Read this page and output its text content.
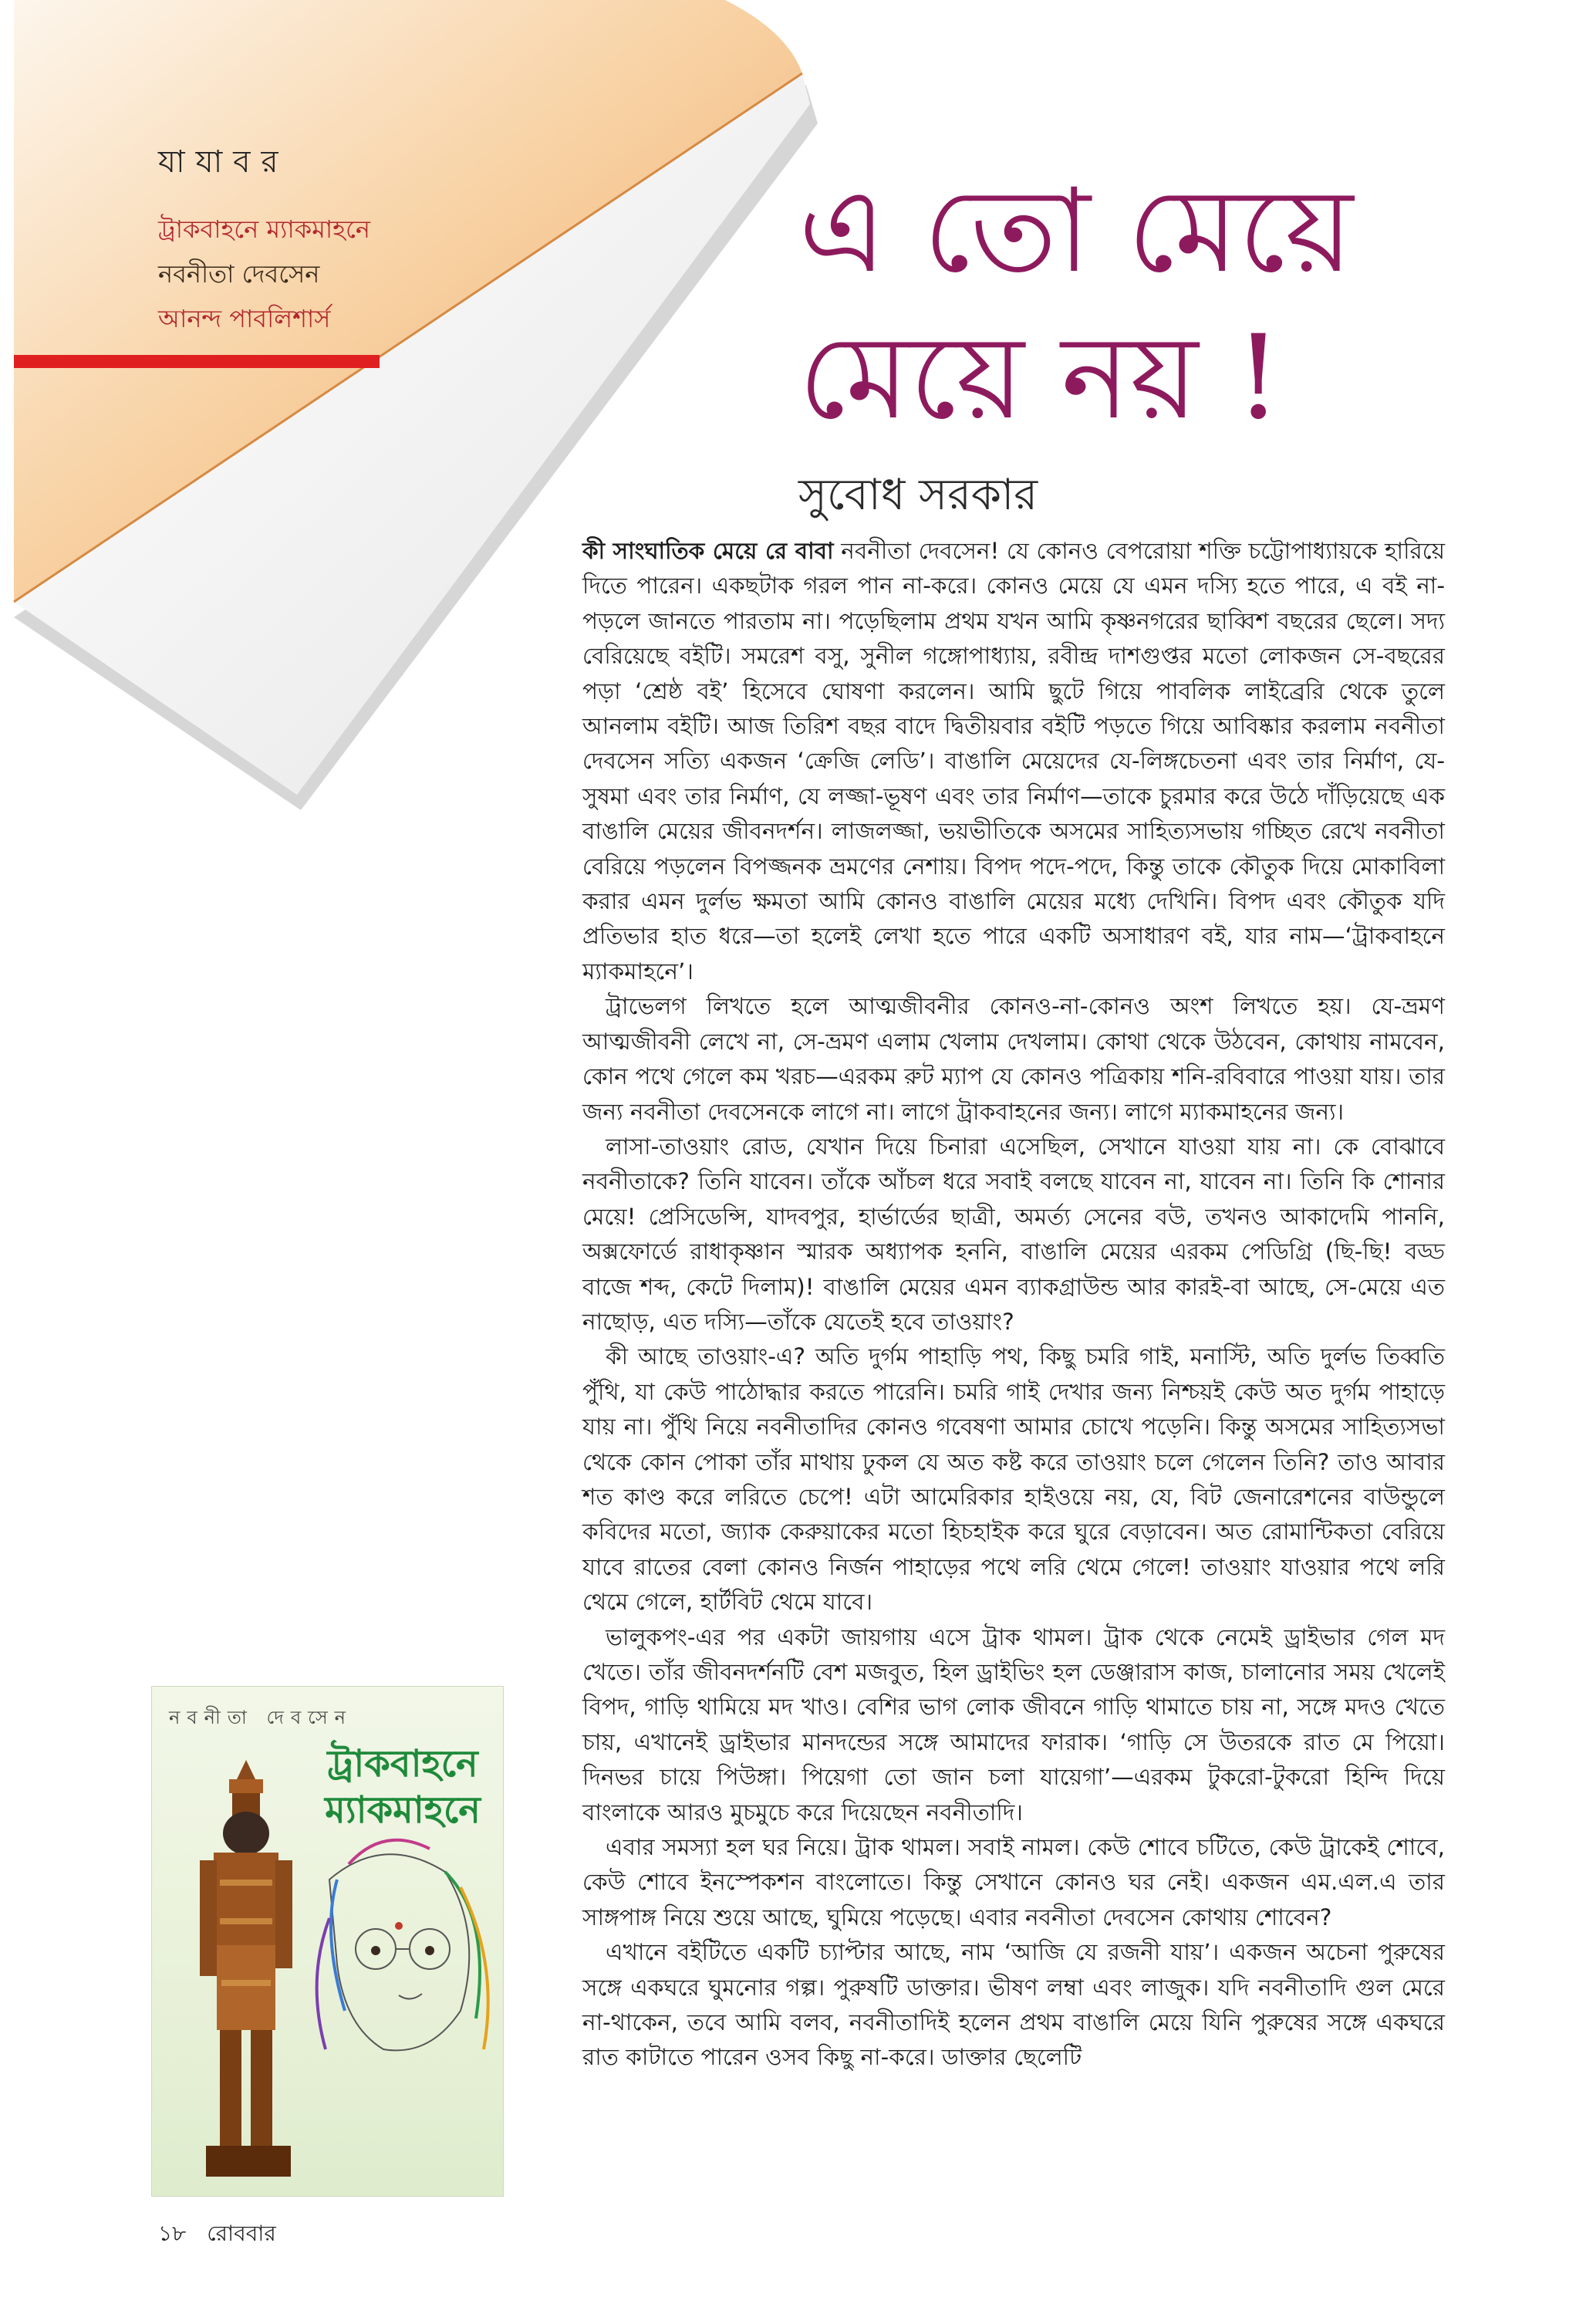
যাযাবর
ট্রাকবাহনে ম্যাকমাহনে
নবনীতা দেবসেন
আনন্দ পাবলিশার্স
এ তো মেয়ে
মেয়ে নয় !
সুবোধ সরকার

কী সাংঘাতিক মেয়ে রে বাবা নবনীতা দেবসেন! যে কোনও বেপরোয়া শক্তি চট্টোপাধ্যায়কে হারিয়ে দিতে পারেন। একছটাক গরল পান না-করে। কোনও মেয়ে যে এমন দস্যি হতে পারে, এ বই না-পড়লে জানতে পারতাম না। পড়েছিলাম প্রথম যখন আমি কৃষ্ণনগরের ছাব্বিশ বছরের ছেলে। সদ্য বেরিয়েছে বইটি। সমরেশ বসু, সুনীল গঙ্গোপাধ্যায়, রবীন্দ্র দাশগুপ্তর মতো লোকজন সে-বছরের পড়া ‘শ্রেষ্ঠ বই’ হিসেবে ঘোষণা করলেন। আমি ছুটে গিয়ে পাবলিক লাইব্রেরি থেকে তুলে আনলাম বইটি। আজ তিরিশ বছর বাদে দ্বিতীয়বার বইটি পড়তে গিয়ে আবিষ্কার করলাম নবনীতা দেবসেন সত্যি একজন ‘ক্রেজি লেডি’। বাঙালি মেয়েদের যে-লিঙ্গচেতনা এবং তার নির্মাণ, যে-সুষমা এবং তার নির্মাণ, যে লজ্জা-ভূষণ এবং তার নির্মাণ—তাকে চুরমার করে উঠে দাঁড়িয়েছে এক বাঙালি মেয়ের জীবনদর্শন। লাজলজ্জা, ভয়ভীতিকে অসমের সাহিত্যসভায় গচ্ছিত রেখে নবনীতা বেরিয়ে পড়লেন বিপজ্জনক ভ্রমণের নেশায়। বিপদ পদে-পদে, কিন্তু তাকে কৌতুক দিয়ে মোকাবিলা করার এমন দুর্লভ ক্ষমতা আমি কোনও বাঙালি মেয়ের মধ্যে দেখিনি। বিপদ এবং কৌতুক যদি প্রতিভার হাত ধরে—তা হলেই লেখা হতে পারে একটি অসাধারণ বই, যার নাম—‘ট্রাকবাহনে ম্যাকমাহনে’।

ট্রাভেলগ লিখতে হলে আত্মজীবনীর কোনও-না-কোনও অংশ লিখতে হয়। যে-ভ্রমণ আত্মজীবনী লেখে না, সে-ভ্রমণ এলাম খেলাম দেখলাম। কোথা থেকে উঠবেন, কোথায় নামবেন, কোন পথে গেলে কম খরচ—এরকম রুট ম্যাপ যে কোনও পত্রিকায় শনি-রবিবারে পাওয়া যায়। তার জন্য নবনীতা দেবসেনকে লাগে না। লাগে ট্রাকবাহনের জন্য। লাগে ম্যাকমাহনের জন্য।

লাসা-তাওয়াং রোড, যেখান দিয়ে চিনারা এসেছিল, সেখানে যাওয়া যায় না। কে বোঝাবে নবনীতাকে? তিনি যাবেন। তাঁকে আঁচল ধরে সবাই বলছে যাবেন না, যাবেন না। তিনি কি শোনার মেয়ে! প্রেসিডেন্সি, যাদবপুর, হার্ভার্ডের ছাত্রী, অমর্ত্য সেনের বউ, তখনও আকাদেমি পাননি, অক্সফোর্ডে রাধাকৃষ্ণান স্মারক অধ্যাপক হননি, বাঙালি মেয়ের এরকম পেডিগ্রি (ছি-ছি! বড্ড বাজে শব্দ, কেটে দিলাম)! বাঙালি মেয়ের এমন ব্যাকগ্রাউন্ড আর কারই-বা আছে, সে-মেয়ে এত নাছোড়, এত দস্যি—তাঁকে যেতেই হবে তাওয়াং?

কী আছে তাওয়াং-এ? অতি দুর্গম পাহাড়ি পথ, কিছু চমরি গাই, মনাস্টি, অতি দুর্লভ তিব্বতি পুঁথি, যা কেউ পাঠোদ্ধার করতে পারেনি। চমরি গাই দেখার জন্য নিশ্চয়ই কেউ অত দুর্গম পাহাড়ে যায় না। পুঁথি নিয়ে নবনীতাদির কোনও গবেষণা আমার চোখে পড়েনি। কিন্তু অসমের সাহিত্যসভা থেকে কোন পোকা তাঁর মাথায় ঢুকল যে অত কষ্ট করে তাওয়াং চলে গেলেন তিনি? তাও আবার শত কাণ্ড করে লরিতে চেপে! এটা আমেরিকার হাইওয়ে নয়, যে, বিট জেনারেশনের বাউন্ডুলে কবিদের মতো, জ্যাক কেরুয়াকের মতো হিচহাইক করে ঘুরে বেড়াবেন। অত রোমান্টিকতা বেরিয়ে যাবে রাতের বেলা কোনও নির্জন পাহাড়ের পথে লরি থেমে গেলে! তাওয়াং যাওয়ার পথে লরি থেমে গেলে, হার্টবিট থেমে যাবে।

ভালুকপং-এর পর একটা জায়গায় এসে ট্রাক থামল। ট্রাক থেকে নেমেই ড্রাইভার গেল মদ খেতে। তাঁর জীবনদর্শনটি বেশ মজবুত, হিল ড্রাইভিং হল ডেঞ্জারাস কাজ, চালানোর সময় খেলেই বিপদ, গাড়ি থামিয়ে মদ খাও। বেশির ভাগ লোক জীবনে গাড়ি থামাতে চায় না, সঙ্গে মদও খেতে চায়, এখানেই ড্রাইভার মানদন্ডের সঙ্গে আমাদের ফারাক। ‘গাড়ি সে উতরকে রাত মে পিয়ো। দিনভর চায়ে পিউঙ্গা। পিয়েগা তো জান চলা যায়েগা’—এরকম টুকরো-টুকরো হিন্দি দিয়ে বাংলাকে আরও মুচমুচে করে দিয়েছেন নবনীতাদি।

এবার সমস্যা হল ঘর নিয়ে। ট্রাক থামল। সবাই নামল। কেউ শোবে চটিতে, কেউ ট্রাকেই শোবে, কেউ শোবে ইনস্পেকশন বাংলোতে। কিন্তু সেখানে কোনও ঘর নেই। একজন এম.এল.এ তার সাঙ্গপাঙ্গ নিয়ে শুয়ে আছে, ঘুমিয়ে পড়েছে। এবার নবনীতা দেবসেন কোথায় শোবেন?

এখানে বইটিতে একটি চ্যাপ্টার আছে, নাম ‘আজি যে রজনী যায়’। একজন অচেনা পুরুষের সঙ্গে একঘরে ঘুমনোর গল্প। পুরুষটি ডাক্তার। ভীষণ লম্বা এবং লাজুক। যদি নবনীতাদি গুল মেরে না-থাকেন, তবে আমি বলব, নবনীতাদিই হলেন প্রথম বাঙালি মেয়ে যিনি পুরুষের সঙ্গে একঘরে রাত কাটাতে পারেন ওসব কিছু না-করে। ডাক্তার ছেলেটি

নবনীতা দেবসেন
ট্রাকবাহনে
ম্যাকমাহনে
১৮ রোববার
